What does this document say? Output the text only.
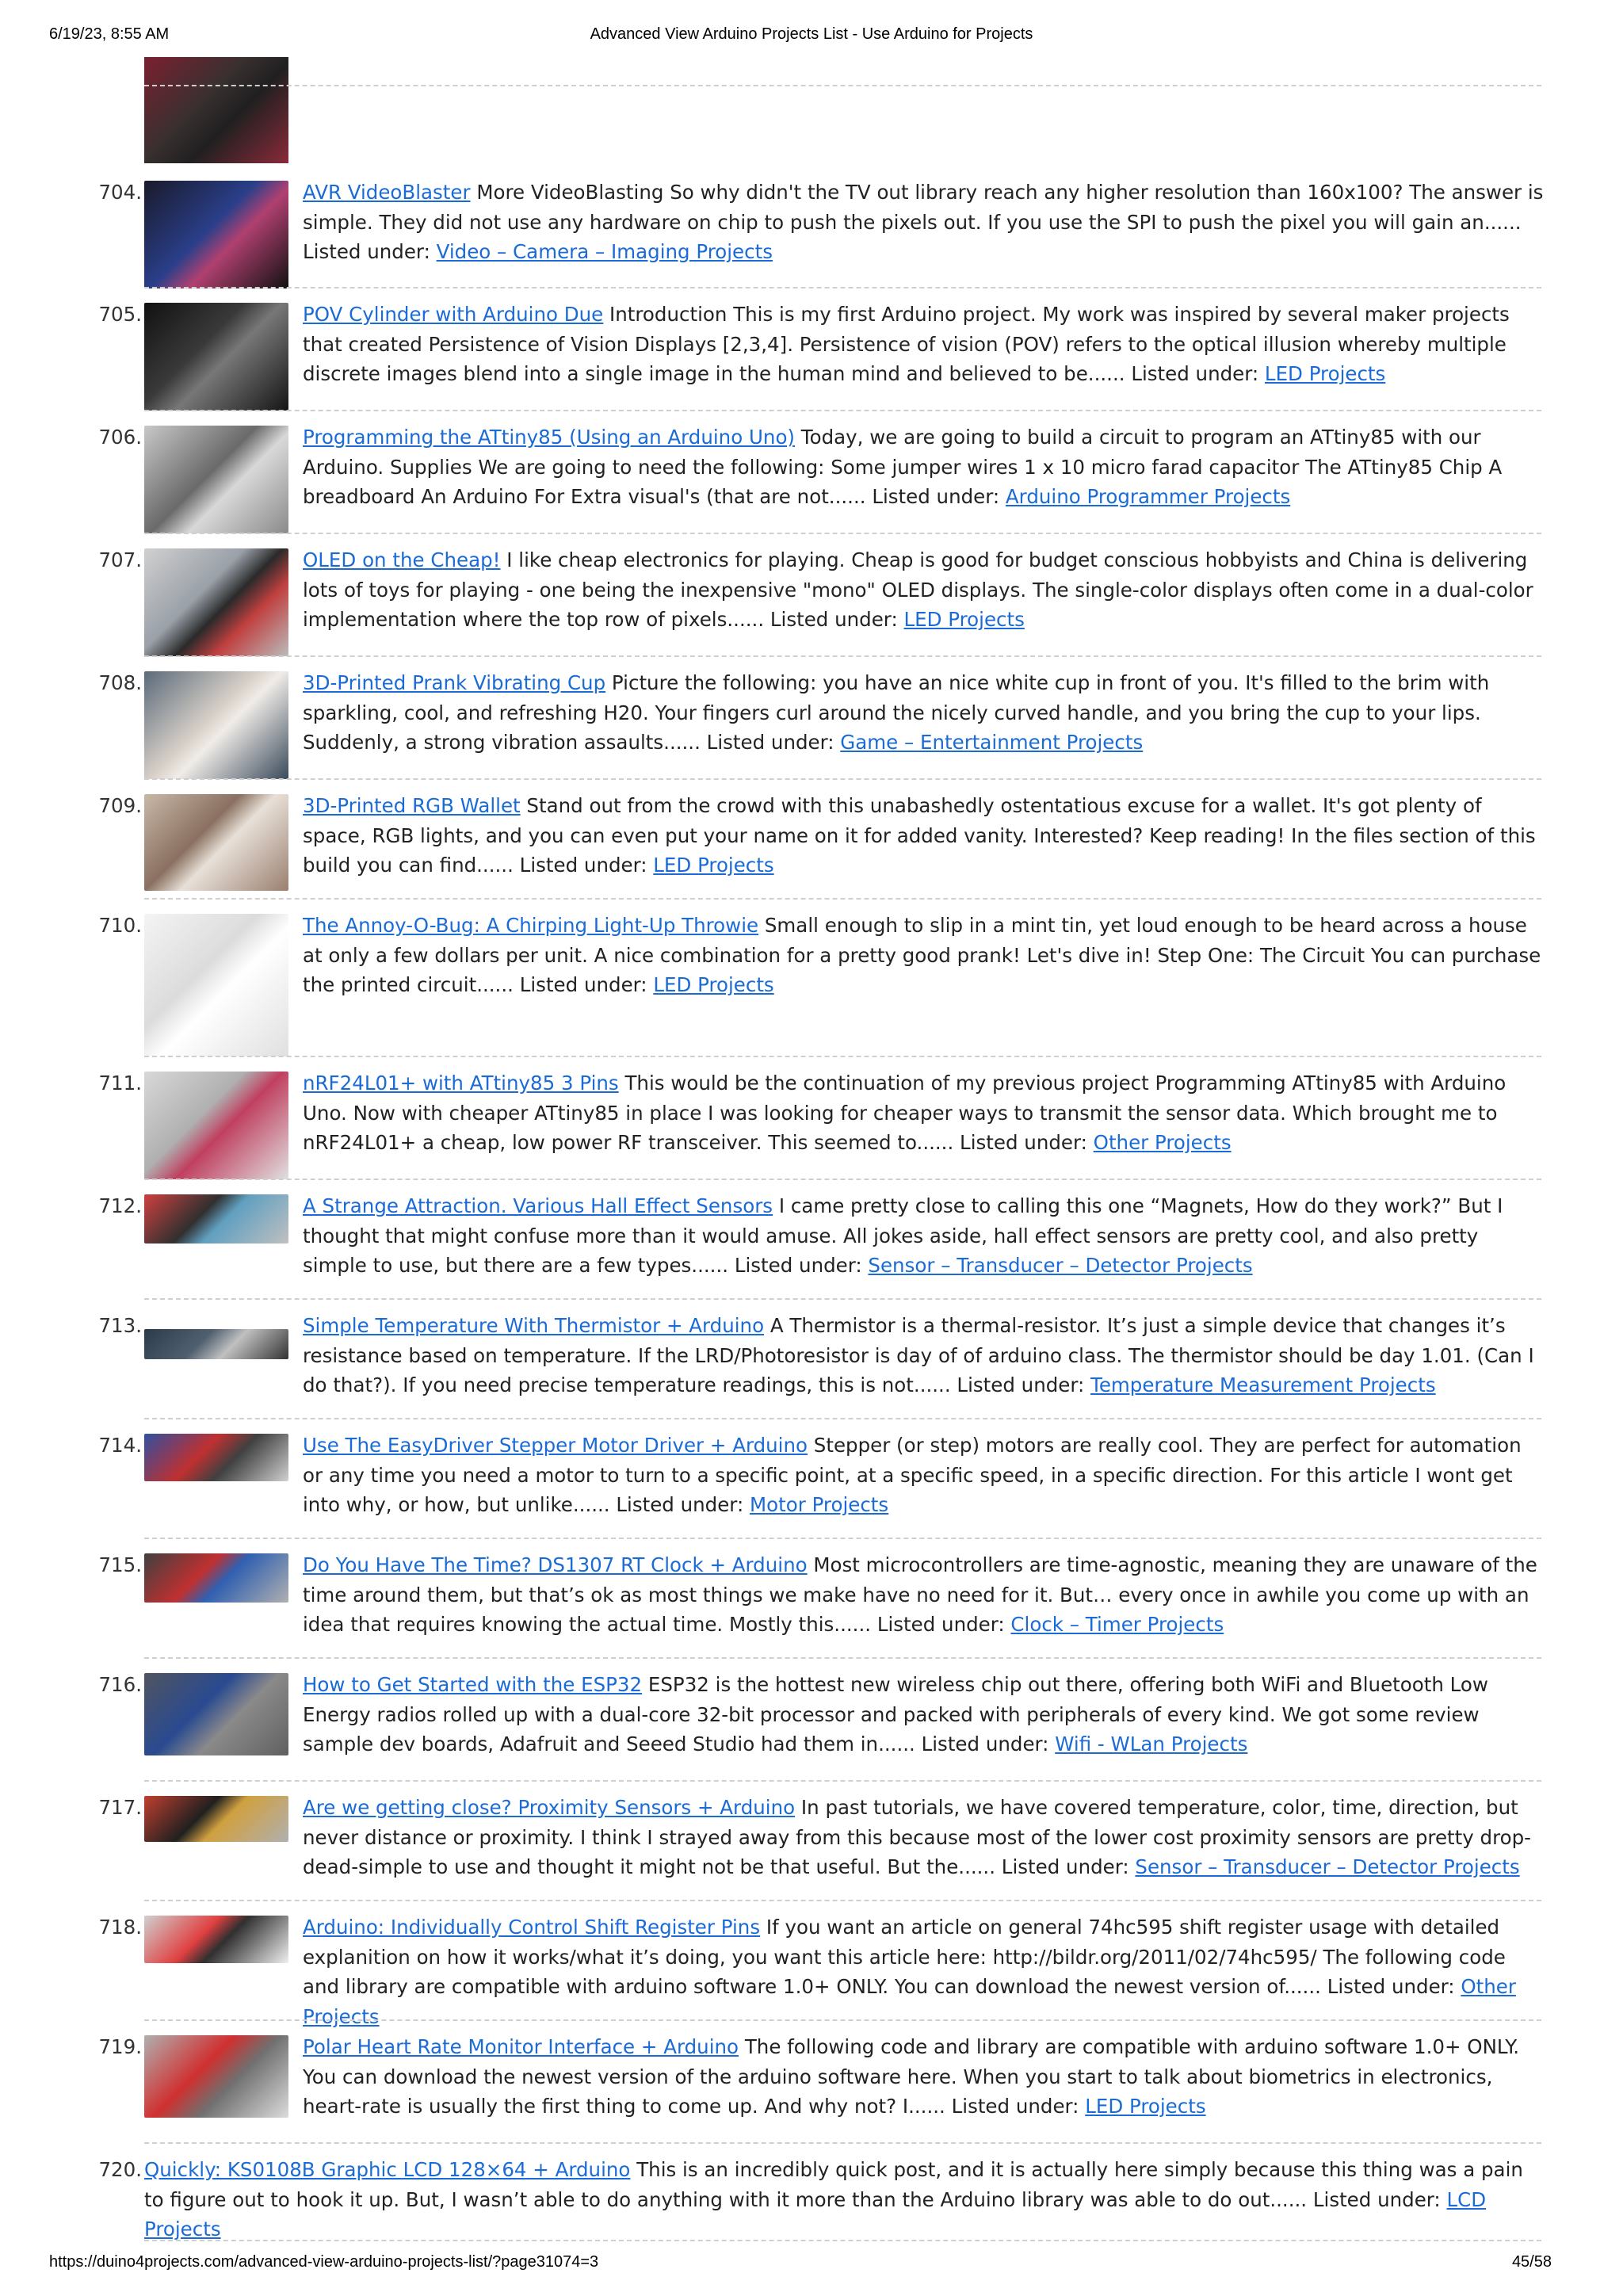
6/19/23, 8:55 AM	Advanced View Arduino Projects List - Use Arduino for Projects
704.	AVR VideoBlaster More VideoBlasting So why didn't the TV out library reach any higher resolution than 160x100? The answer is simple. They did not use any hardware on chip to push the pixels out. If you use the SPI to push the pixel you will gain an...... Listed under: Video – Camera – Imaging Projects
705.	POV Cylinder with Arduino Due Introduction This is my first Arduino project. My work was inspired by several maker projects that created Persistence of Vision Displays [2,3,4]. Persistence of vision (POV) refers to the optical illusion whereby multiple discrete images blend into a single image in the human mind and believed to be...... Listed under: LED Projects
706.	Programming the ATtiny85 (Using an Arduino Uno) Today, we are going to build a circuit to program an ATtiny85 with our Arduino. Supplies We are going to need the following: Some jumper wires 1 x 10 micro farad capacitor The ATtiny85 Chip A breadboard An Arduino For Extra visual's (that are not...... Listed under: Arduino Programmer Projects
707.	OLED on the Cheap! I like cheap electronics for playing. Cheap is good for budget conscious hobbyists and China is delivering lots of toys for playing - one being the inexpensive "mono" OLED displays. The single-color displays often come in a dual-color implementation where the top row of pixels...... Listed under: LED Projects
708.	3D-Printed Prank Vibrating Cup Picture the following: you have an nice white cup in front of you. It's filled to the brim with sparkling, cool, and refreshing H20. Your fingers curl around the nicely curved handle, and you bring the cup to your lips. Suddenly, a strong vibration assaults...... Listed under: Game – Entertainment Projects
709.	3D-Printed RGB Wallet Stand out from the crowd with this unabashedly ostentatious excuse for a wallet. It's got plenty of space, RGB lights, and you can even put your name on it for added vanity. Interested? Keep reading! In the files section of this build you can find...... Listed under: LED Projects
710.	The Annoy-O-Bug: A Chirping Light-Up Throwie Small enough to slip in a mint tin, yet loud enough to be heard across a house at only a few dollars per unit. A nice combination for a pretty good prank! Let's dive in! Step One: The Circuit You can purchase the printed circuit...... Listed under: LED Projects
711.	nRF24L01+ with ATtiny85 3 Pins This would be the continuation of my previous project Programming ATtiny85 with Arduino Uno. Now with cheaper ATtiny85 in place I was looking for cheaper ways to transmit the sensor data. Which brought me to nRF24L01+ a cheap, low power RF transceiver. This seemed to...... Listed under: Other Projects
712.	A Strange Attraction. Various Hall Effect Sensors I came pretty close to calling this one “Magnets, How do they work?” But I thought that might confuse more than it would amuse. All jokes aside, hall effect sensors are pretty cool, and also pretty simple to use, but there are a few types...... Listed under: Sensor – Transducer – Detector Projects
713.	Simple Temperature With Thermistor + Arduino A Thermistor is a thermal-resistor. It’s just a simple device that changes it’s resistance based on temperature. If the LRD/Photoresistor is day of of arduino class. The thermistor should be day 1.01. (Can I do that?). If you need precise temperature readings, this is not...... Listed under: Temperature Measurement Projects
714.	Use The EasyDriver Stepper Motor Driver + Arduino Stepper (or step) motors are really cool. They are perfect for automation or any time you need a motor to turn to a specific point, at a specific speed, in a specific direction. For this article I wont get into why, or how, but unlike...... Listed under: Motor Projects
715.	Do You Have The Time? DS1307 RT Clock + Arduino Most microcontrollers are time-agnostic, meaning they are unaware of the time around them, but that’s ok as most things we make have no need for it. But… every once in awhile you come up with an idea that requires knowing the actual time. Mostly this...... Listed under: Clock – Timer Projects
716.	How to Get Started with the ESP32 ESP32 is the hottest new wireless chip out there, offering both WiFi and Bluetooth Low Energy radios rolled up with a dual-core 32-bit processor and packed with peripherals of every kind. We got some review sample dev boards, Adafruit and Seeed Studio had them in...... Listed under: Wifi - WLan Projects
717.	Are we getting close? Proximity Sensors + Arduino In past tutorials, we have covered temperature, color, time, direction, but never distance or proximity. I think I strayed away from this because most of the lower cost proximity sensors are pretty drop-dead-simple to use and thought it might not be that useful. But the...... Listed under: Sensor – Transducer – Detector Projects
718.	Arduino: Individually Control Shift Register Pins If you want an article on general 74hc595 shift register usage with detailed explanition on how it works/what it’s doing, you want this article here: http://bildr.org/2011/02/74hc595/ The following code and library are compatible with arduino software 1.0+ ONLY. You can download the newest version of...... Listed under: Other Projects
719.	Polar Heart Rate Monitor Interface + Arduino The following code and library are compatible with arduino software 1.0+ ONLY. You can download the newest version of the arduino software here. When you start to talk about biometrics in electronics, heart-rate is usually the first thing to come up. And why not? I...... Listed under: LED Projects
720. Quickly: KS0108B Graphic LCD 128×64 + Arduino This is an incredibly quick post, and it is actually here simply because this thing was a pain to figure out to hook it up. But, I wasn’t able to do anything with it more than the Arduino library was able to do out...... Listed under: LCD Projects
https://duino4projects.com/advanced-view-arduino-projects-list/?page31074=3	45/58
